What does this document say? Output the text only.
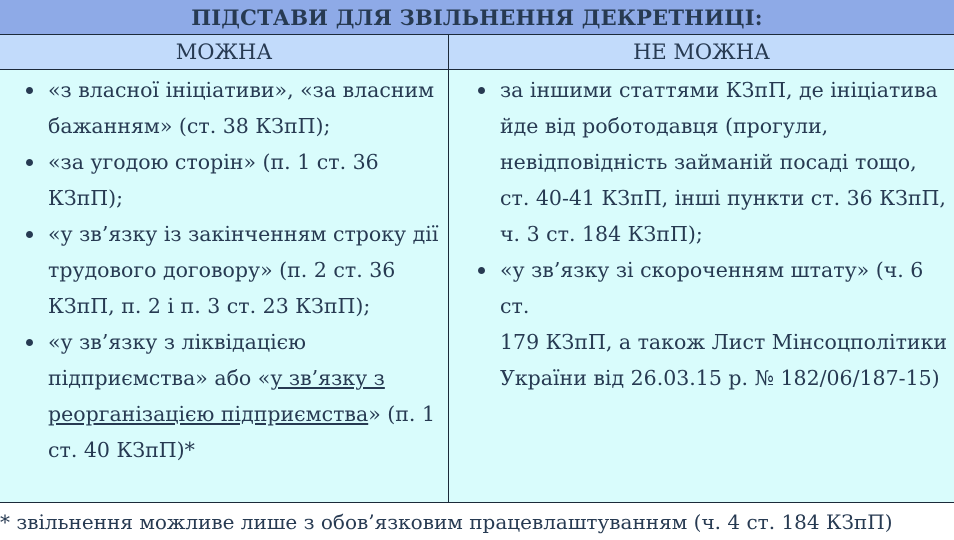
ПІДСТАВИ ДЛЯ ЗВІЛЬНЕННЯ ДЕКРЕТНИЦІ:
МОЖНА	НЕ МОЖНА
«з власної ініціативи», «за власним
бажанням» (ст. 38 КЗпП);
«за угодою сторін» (п. 1 ст. 36
КЗпП);
«у зв’язку із закінченням строку дії
трудового договору» (п. 2 ст. 36
КЗпП, п. 2 і п. 3 ст. 23 КЗпП);
«у зв’язку з ліквідацією
підприємства» або «у зв’язку з
реорганізацією підприємства» (п. 1
ст. 40 КЗпП)*
за іншими статтями КЗпП, де ініціатива
йде від роботодавця (прогули,
невідповідність займаній посаді тощо,
ст. 40-41 КЗпП, інші пункти ст. 36 КЗпП,
ч. 3 ст. 184 КЗпП);
«у зв’язку зі скороченням штату» (ч. 6 ст.
179 КЗпП, а також Лист Мінсоцполітики
України від 26.03.15 р. № 182/06/187-15)
* звільнення можливе лише з обов’язковим працевлаштуванням (ч. 4 ст. 184 КЗпП)
